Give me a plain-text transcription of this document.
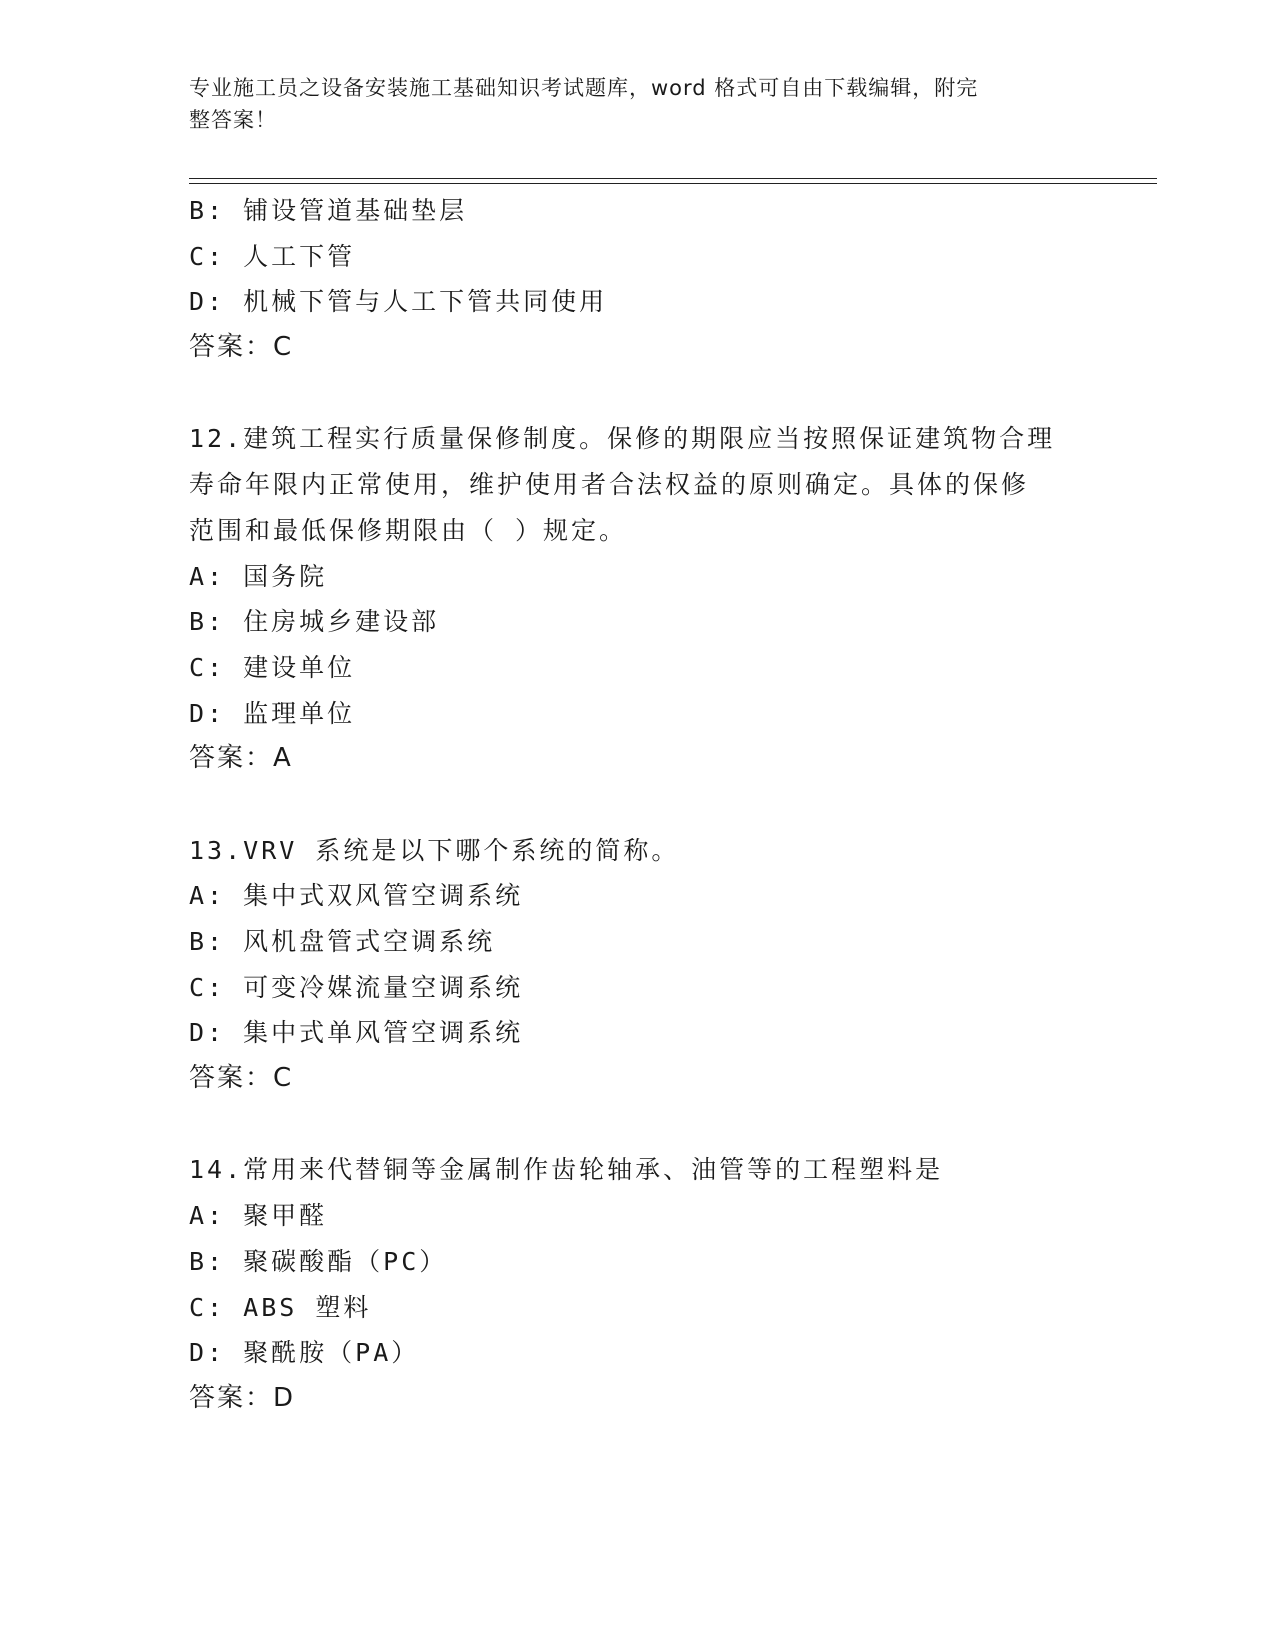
专业施工员之设备安装施工基础知识考试题库，word 格式可自由下载编辑，附完
整答案！
B: 铺设管道基础垫层
C: 人工下管
D: 机械下管与人工下管共同使用
答案：C
12.建筑工程实行质量保修制度。保修的期限应当按照保证建筑物合理
寿命年限内正常使用，维护使用者合法权益的原则确定。具体的保修
范围和最低保修期限由（ ）规定。
A: 国务院
B: 住房城乡建设部
C: 建设单位
D: 监理单位
答案：A
13.VRV 系统是以下哪个系统的简称。
A: 集中式双风管空调系统
B: 风机盘管式空调系统
C: 可变冷媒流量空调系统
D: 集中式单风管空调系统
答案：C
14.常用来代替铜等金属制作齿轮轴承、油管等的工程塑料是
A: 聚甲醛
B: 聚碳酸酯（PC）
C: ABS 塑料
D: 聚酰胺（PA）
答案：D
